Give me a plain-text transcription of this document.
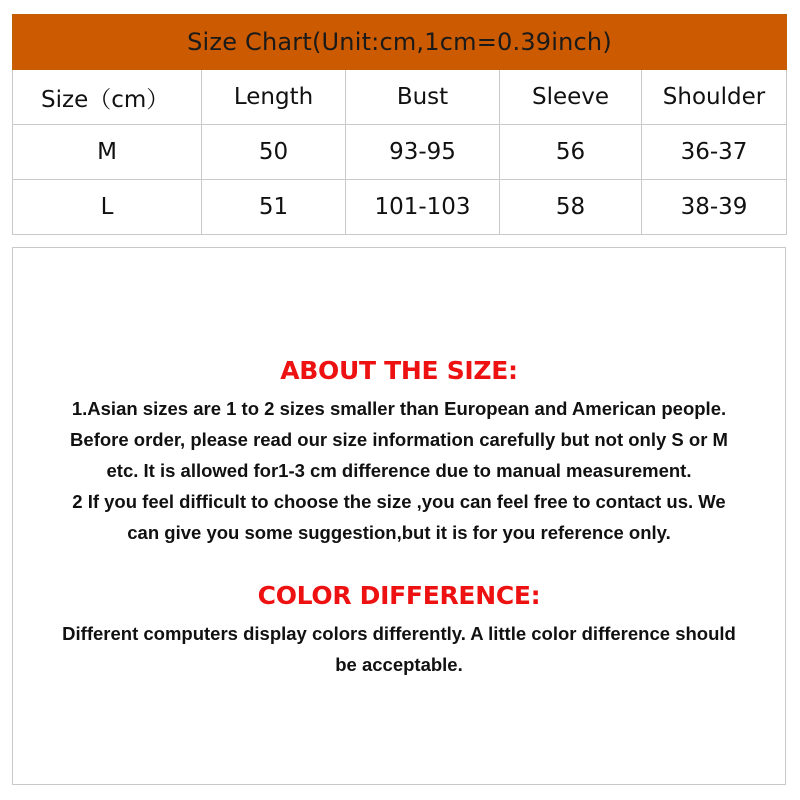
Size Chart(Unit:cm,1cm=0.39inch)				
Size（cm）	Length	Bust	Sleeve	Shoulder
M	50	93-95	56	36-37
L	51	101-103	58	38-39
ABOUT THE SIZE:
1.Asian sizes are 1 to 2 sizes smaller than European and American people.
Before order, please read our size information carefully but not only S or M
etc. It is allowed for1-3 cm difference due to manual measurement.
2 If you feel difficult to choose the size ,you can feel free to contact us. We
can give you some suggestion,but it is for you reference only.
COLOR DIFFERENCE:
Different computers display colors differently. A little color difference should
be acceptable.
